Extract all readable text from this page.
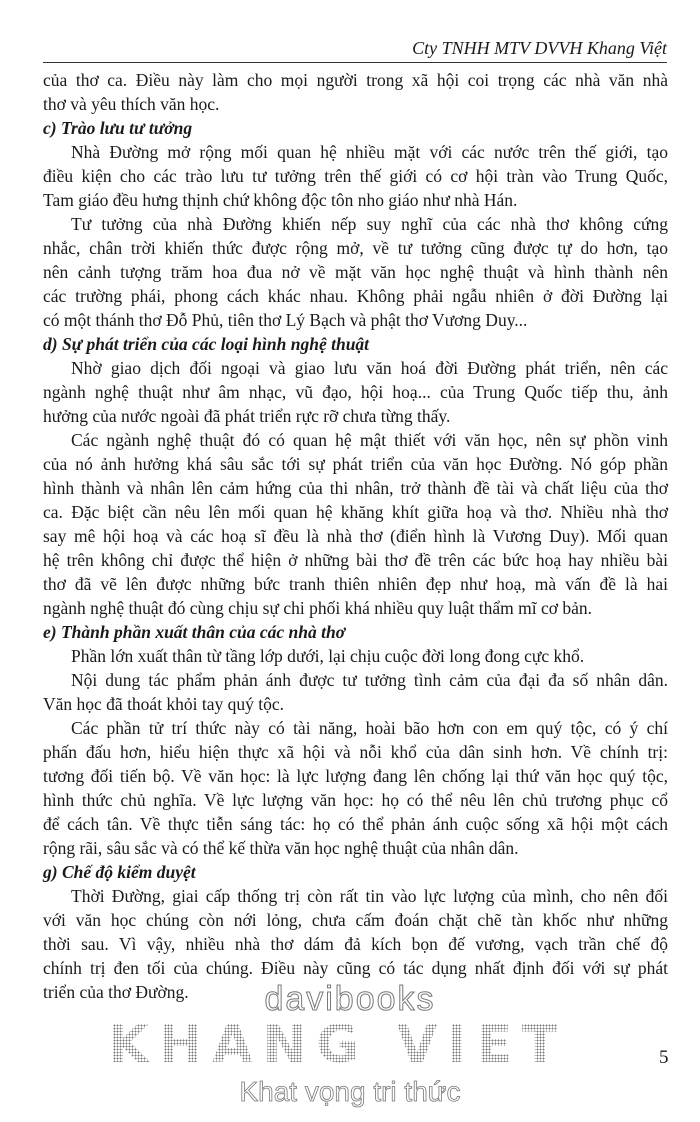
Cty TNHH MTV DVVH Khang Việt
của thơ ca. Điều này làm cho mọi người trong xã hội coi trọng các nhà văn nhà
thơ và yêu thích văn học.
c) Trào lưu tư tưởng
Nhà Đường mở rộng mối quan hệ nhiều mặt với các nước trên thế giới, tạo
điều kiện cho các trào lưu tư tưởng trên thế giới có cơ hội tràn vào Trung Quốc,
Tam giáo đều hưng thịnh chứ không độc tôn nho giáo như nhà Hán.
Tư tưởng của nhà Đường khiến nếp suy nghĩ của các nhà thơ không cứng
nhắc, chân trời khiến thức được rộng mở, về tư tưởng cũng được tự do hơn, tạo
nên cảnh tượng trăm hoa đua nở về mặt văn học nghệ thuật và hình thành nên
các trường phái, phong cách khác nhau. Không phải ngẫu nhiên ở đời Đường lại
có một thánh thơ Đỗ Phủ, tiên thơ Lý Bạch và phật thơ Vương Duy...
d) Sự phát triển của các loại hình nghệ thuật
Nhờ giao dịch đối ngoại và giao lưu văn hoá đời Đường phát triển, nên các
ngành nghệ thuật như âm nhạc, vũ đạo, hội hoạ... của Trung Quốc tiếp thu, ảnh
hưởng của nước ngoài đã phát triển rực rỡ chưa từng thấy.
Các ngành nghệ thuật đó có quan hệ mật thiết với văn học, nên sự phồn vinh
của nó ảnh hưởng khá sâu sắc tới sự phát triển của văn học Đường. Nó góp phần
hình thành và nhân lên cảm hứng của thi nhân, trở thành đề tài và chất liệu của thơ
ca. Đặc biệt cần nêu lên mối quan hệ khăng khít giữa hoạ và thơ. Nhiều nhà thơ
say mê hội hoạ và các hoạ sĩ đều là nhà thơ (điển hình là Vương Duy). Mối quan
hệ trên không chỉ được thể hiện ở những bài thơ đề trên các bức hoạ hay nhiều bài
thơ đã vẽ lên được những bức tranh thiên nhiên đẹp như hoạ, mà vấn đề là hai
ngành nghệ thuật đó cùng chịu sự chi phối khá nhiều quy luật thẩm mĩ cơ bản.
e) Thành phần xuất thân của các nhà thơ
Phần lớn xuất thân từ tầng lớp dưới, lại chịu cuộc đời long đong cực khổ.
Nội dung tác phẩm phản ánh được tư tưởng tình cảm của đại đa số nhân dân.
Văn học đã thoát khỏi tay quý tộc.
Các phần tử trí thức này có tài năng, hoài bão hơn con em quý tộc, có ý chí
phấn đấu hơn, hiểu hiện thực xã hội và nỗi khổ của dân sinh hơn. Về chính trị:
tương đối tiến bộ. Về văn học: là lực lượng đang lên chống lại thứ văn học quý tộc,
hình thức chủ nghĩa. Về lực lượng văn học: họ có thể nêu lên chủ trương phục cổ
để cách tân. Về thực tiễn sáng tác: họ có thể phản ánh cuộc sống xã hội một cách
rộng rãi, sâu sắc và có thể kế thừa văn học nghệ thuật của nhân dân.
g) Chế độ kiểm duyệt
Thời Đường, giai cấp thống trị còn rất tin vào lực lượng của mình, cho nên đối
với văn học chúng còn nới lỏng, chưa cấm đoán chặt chẽ tàn khốc như những
thời sau. Vì vậy, nhiều nhà thơ dám đả kích bọn đế vương, vạch trần chế độ
chính trị đen tối của chúng. Điều này cũng có tác dụng nhất định đối với sự phát
triển của thơ Đường.	davibooks
KHANG VIET
Khat vọng tri thức
5
